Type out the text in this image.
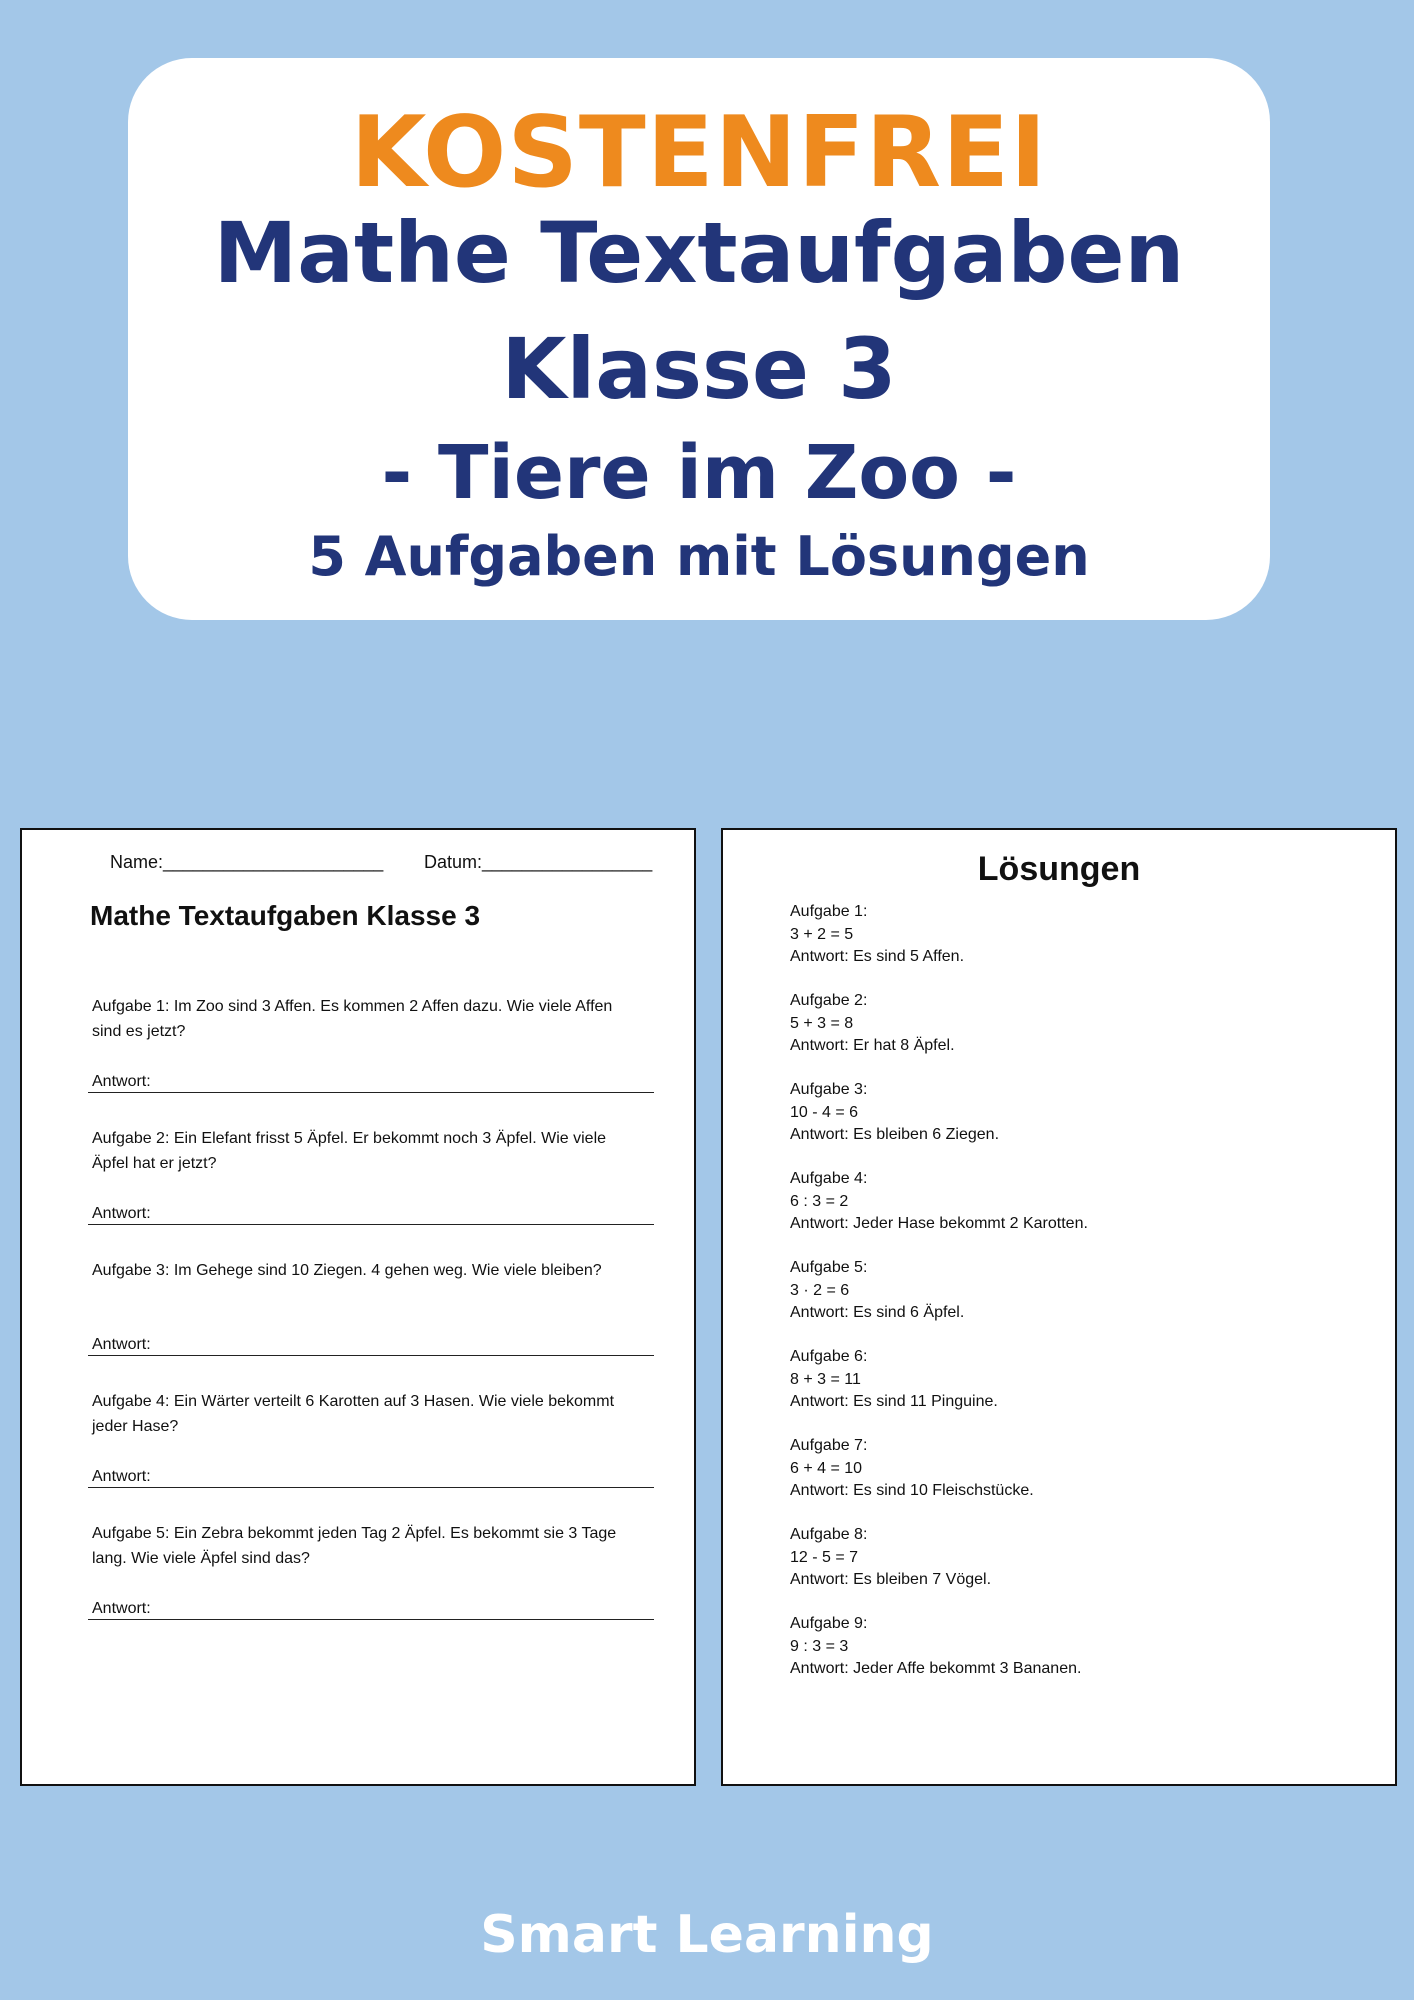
KOSTENFREI
Mathe Textaufgaben
Klasse 3
- Tiere im Zoo -
5 Aufgaben mit Lösungen
Name:______________________ Datum:_________________
Mathe Textaufgaben Klasse 3
Aufgabe 1: Im Zoo sind 3 Affen. Es kommen 2 Affen dazu. Wie viele Affen sind es jetzt?
Antwort:
Aufgabe 2: Ein Elefant frisst 5 Äpfel. Er bekommt noch 3 Äpfel. Wie viele Äpfel hat er jetzt?
Antwort:
Aufgabe 3: Im Gehege sind 10 Ziegen. 4 gehen weg. Wie viele bleiben?
Antwort:
Aufgabe 4: Ein Wärter verteilt 6 Karotten auf 3 Hasen. Wie viele bekommt jeder Hase?
Antwort:
Aufgabe 5: Ein Zebra bekommt jeden Tag 2 Äpfel. Es bekommt sie 3 Tage lang. Wie viele Äpfel sind das?
Antwort:
Lösungen
Aufgabe 1:
3 + 2 = 5
Antwort: Es sind 5 Affen.
Aufgabe 2:
5 + 3 = 8
Antwort: Er hat 8 Äpfel.
Aufgabe 3:
10 - 4 = 6
Antwort: Es bleiben 6 Ziegen.
Aufgabe 4:
6 : 3 = 2
Antwort: Jeder Hase bekommt 2 Karotten.
Aufgabe 5:
3 · 2 = 6
Antwort: Es sind 6 Äpfel.
Aufgabe 6:
8 + 3 = 11
Antwort: Es sind 11 Pinguine.
Aufgabe 7:
6 + 4 = 10
Antwort: Es sind 10 Fleischstücke.
Aufgabe 8:
12 - 5 = 7
Antwort: Es bleiben 7 Vögel.
Aufgabe 9:
9 : 3 = 3
Antwort: Jeder Affe bekommt 3 Bananen.
Smart Learning
